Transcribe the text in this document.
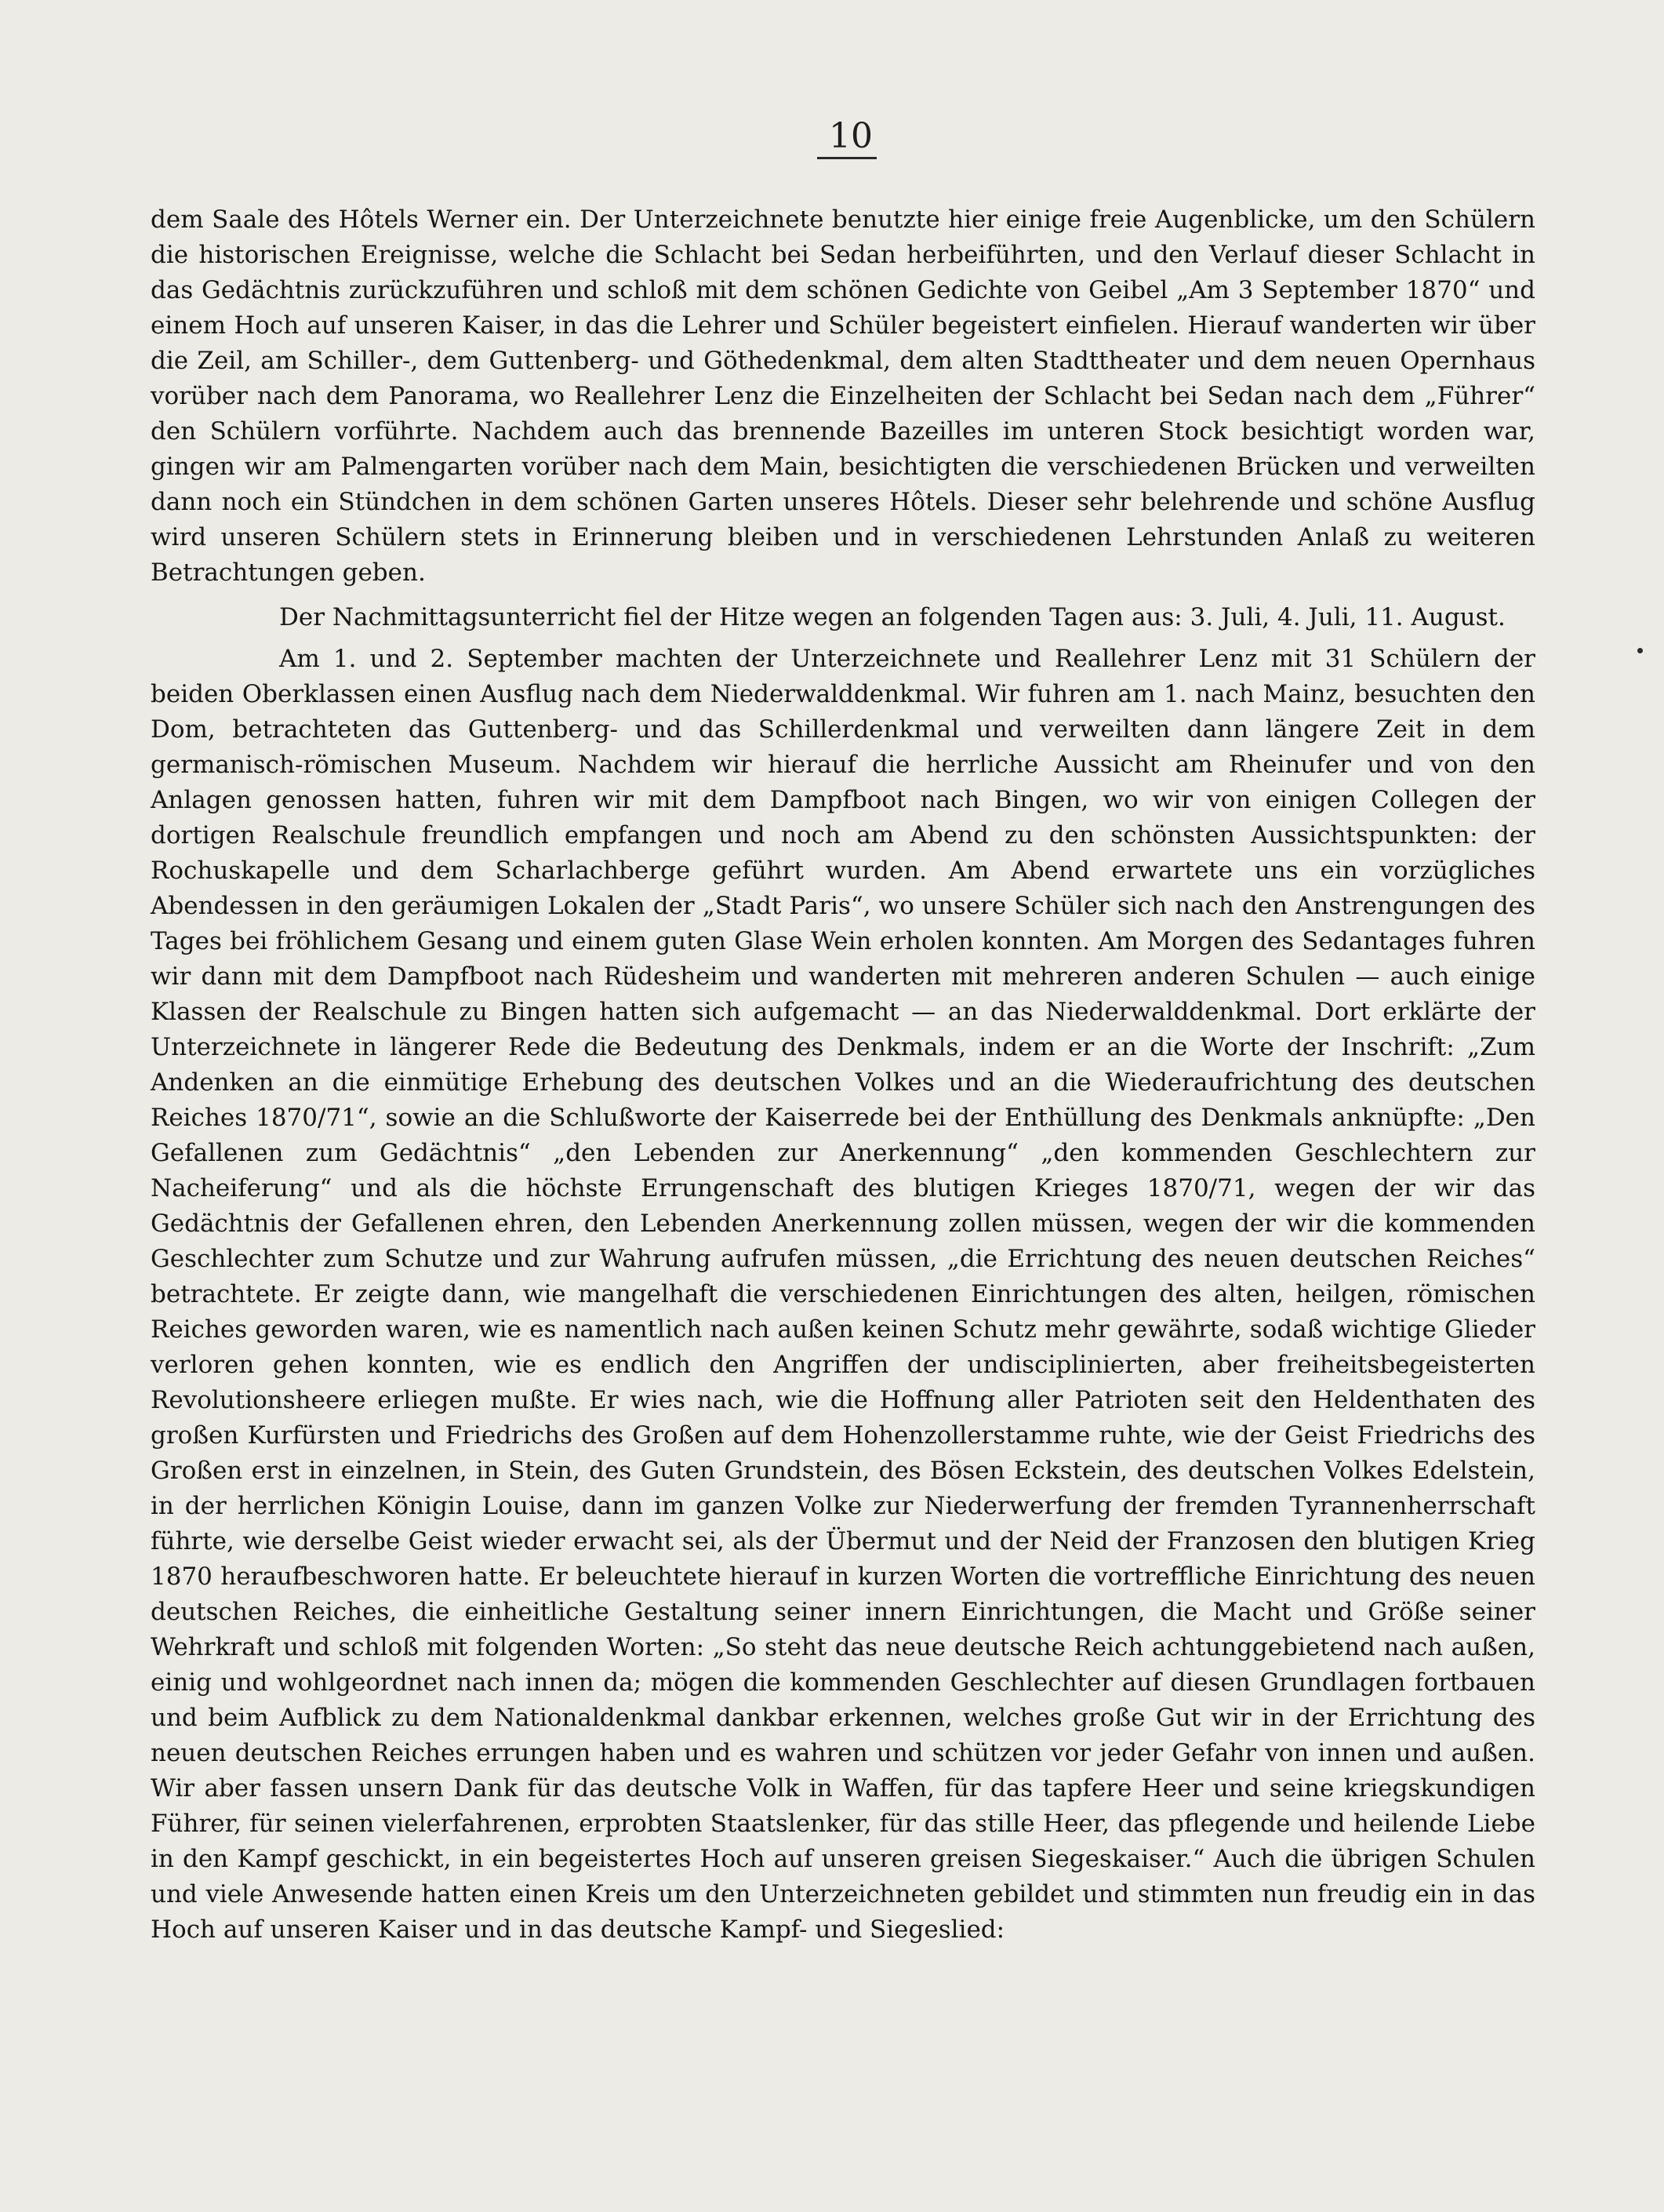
10

dem Saale des Hôtels Werner ein. Der Unterzeichnete benutzte hier einige freie Augenblicke, um den Schülern die historischen Ereignisse, welche die Schlacht bei Sedan herbeiführten, und den Verlauf dieser Schlacht in das Gedächtnis zurückzuführen und schloß mit dem schönen Gedichte von Geibel „Am 3 September 1870“ und einem Hoch auf unseren Kaiser, in das die Lehrer und Schüler begeistert einfielen. Hierauf wanderten wir über die Zeil, am Schiller-, dem Guttenberg- und Göthedenkmal, dem alten Stadttheater und dem neuen Opernhaus vorüber nach dem Panorama, wo Reallehrer Lenz die Einzelheiten der Schlacht bei Sedan nach dem „Führer“ den Schülern vorführte. Nachdem auch das brennende Bazeilles im unteren Stock besichtigt worden war, gingen wir am Palmengarten vorüber nach dem Main, besichtigten die verschiedenen Brücken und verweilten dann noch ein Stündchen in dem schönen Garten unseres Hôtels. Dieser sehr belehrende und schöne Ausflug wird unseren Schülern stets in Erinnerung bleiben und in verschiedenen Lehrstunden Anlaß zu weiteren Betrachtungen geben.

Der Nachmittagsunterricht fiel der Hitze wegen an folgenden Tagen aus: 3. Juli, 4. Juli, 11. August.

Am 1. und 2. September machten der Unterzeichnete und Reallehrer Lenz mit 31 Schülern der beiden Oberklassen einen Ausflug nach dem Niederwalddenkmal. Wir fuhren am 1. nach Mainz, besuchten den Dom, betrachteten das Guttenberg- und das Schillerdenkmal und verweilten dann längere Zeit in dem germanisch-römischen Museum. Nachdem wir hierauf die herrliche Aussicht am Rheinufer und von den Anlagen genossen hatten, fuhren wir mit dem Dampfboot nach Bingen, wo wir von einigen Collegen der dortigen Realschule freundlich empfangen und noch am Abend zu den schönsten Aussichtspunkten: der Rochuskapelle und dem Scharlachberge geführt wurden. Am Abend erwartete uns ein vorzügliches Abendessen in den geräumigen Lokalen der „Stadt Paris“, wo unsere Schüler sich nach den Anstrengungen des Tages bei fröhlichem Gesang und einem guten Glase Wein erholen konnten. Am Morgen des Sedantages fuhren wir dann mit dem Dampfboot nach Rüdesheim und wanderten mit mehreren anderen Schulen — auch einige Klassen der Realschule zu Bingen hatten sich aufgemacht — an das Niederwalddenkmal. Dort erklärte der Unterzeichnete in längerer Rede die Bedeutung des Denkmals, indem er an die Worte der Inschrift: „Zum Andenken an die einmütige Erhebung des deutschen Volkes und an die Wiederaufrichtung des deutschen Reiches 1870/71“, sowie an die Schlußworte der Kaiserrede bei der Enthüllung des Denkmals anknüpfte: „Den Gefallenen zum Gedächtnis“ „den Lebenden zur Anerkennung“ „den kommenden Geschlechtern zur Nacheiferung“ und als die höchste Errungenschaft des blutigen Krieges 1870/71, wegen der wir das Gedächtnis der Gefallenen ehren, den Lebenden Anerkennung zollen müssen, wegen der wir die kommenden Geschlechter zum Schutze und zur Wahrung aufrufen müssen, „die Errichtung des neuen deutschen Reiches“ betrachtete. Er zeigte dann, wie mangelhaft die verschiedenen Einrichtungen des alten, heilgen, römischen Reiches geworden waren, wie es namentlich nach außen keinen Schutz mehr gewährte, sodaß wichtige Glieder verloren gehen konnten, wie es endlich den Angriffen der undisciplinierten, aber freiheitsbegeisterten Revolutionsheere erliegen mußte. Er wies nach, wie die Hoffnung aller Patrioten seit den Heldenthaten des großen Kurfürsten und Friedrichs des Großen auf dem Hohenzollerstamme ruhte, wie der Geist Friedrichs des Großen erst in einzelnen, in Stein, des Guten Grundstein, des Bösen Eckstein, des deutschen Volkes Edelstein, in der herrlichen Königin Louise, dann im ganzen Volke zur Niederwerfung der fremden Tyrannenherrschaft führte, wie derselbe Geist wieder erwacht sei, als der Übermut und der Neid der Franzosen den blutigen Krieg 1870 heraufbeschworen hatte. Er beleuchtete hierauf in kurzen Worten die vortreffliche Einrichtung des neuen deutschen Reiches, die einheitliche Gestaltung seiner innern Einrichtungen, die Macht und Größe seiner Wehrkraft und schloß mit folgenden Worten: „So steht das neue deutsche Reich achtunggebietend nach außen, einig und wohlgeordnet nach innen da; mögen die kommenden Geschlechter auf diesen Grundlagen fortbauen und beim Aufblick zu dem Nationaldenkmal dankbar erkennen, welches große Gut wir in der Errichtung des neuen deutschen Reiches errungen haben und es wahren und schützen vor jeder Gefahr von innen und außen. Wir aber fassen unsern Dank für das deutsche Volk in Waffen, für das tapfere Heer und seine kriegskundigen Führer, für seinen vielerfahrenen, erprobten Staatslenker, für das stille Heer, das pflegende und heilende Liebe in den Kampf geschickt, in ein begeistertes Hoch auf unseren greisen Siegeskaiser.“ Auch die übrigen Schulen und viele Anwesende hatten einen Kreis um den Unterzeichneten gebildet und stimmten nun freudig ein in das Hoch auf unseren Kaiser und in das deutsche Kampf- und Siegeslied:
